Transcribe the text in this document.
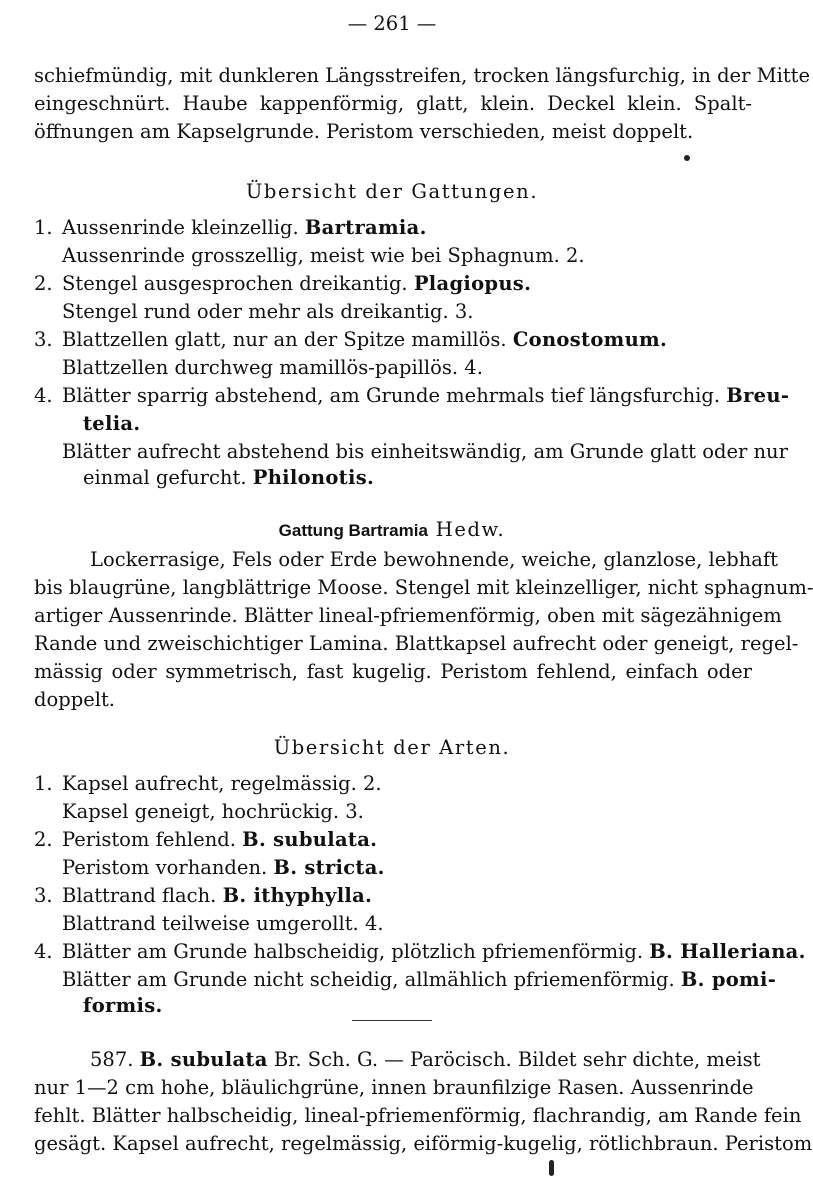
— 261 —
schiefmündig, mit dunkleren Längsstreifen, trocken längsfurchig, in der Mitte
eingeschnürt. Haube kappenförmig, glatt, klein. Deckel klein. Spalt-
öffnungen am Kapselgrunde. Peristom verschieden, meist doppelt.
Übersicht der Gattungen.
1. Aussenrinde kleinzellig. Bartramia.
Aussenrinde grosszellig, meist wie bei Sphagnum. 2.
2. Stengel ausgesprochen dreikantig. Plagiopus.
Stengel rund oder mehr als dreikantig. 3.
3. Blattzellen glatt, nur an der Spitze mamillös. Conostomum.
Blattzellen durchweg mamillös-papillös. 4.
4. Blätter sparrig abstehend, am Grunde mehrmals tief längsfurchig. Breu-
telia.
Blätter aufrecht abstehend bis einheitswändig, am Grunde glatt oder nur
einmal gefurcht. Philonotis.
Gattung Bartramia Hedw.
Lockerrasige, Fels oder Erde bewohnende, weiche, glanzlose, lebhaft
bis blaugrüne, langblättrige Moose. Stengel mit kleinzelliger, nicht sphagnum-
artiger Aussenrinde. Blätter lineal-pfriemenförmig, oben mit sägezähnigem
Rande und zweischichtiger Lamina. Blattkapsel aufrecht oder geneigt, regel-
mässig oder symmetrisch, fast kugelig. Peristom fehlend, einfach oder
doppelt.
Übersicht der Arten.
1. Kapsel aufrecht, regelmässig. 2.
Kapsel geneigt, hochrückig. 3.
2. Peristom fehlend. B. subulata.
Peristom vorhanden. B. stricta.
3. Blattrand flach. B. ithyphylla.
Blattrand teilweise umgerollt. 4.
4. Blätter am Grunde halbscheidig, plötzlich pfriemenförmig. B. Halleriana.
Blätter am Grunde nicht scheidig, allmählich pfriemenförmig. B. pomi-
formis.
587. B. subulata Br. Sch. G. — Paröcisch. Bildet sehr dichte, meist
nur 1—2 cm hohe, bläulichgrüne, innen braunfilzige Rasen. Aussenrinde
fehlt. Blätter halbscheidig, lineal-pfriemenförmig, flachrandig, am Rande fein
gesägt. Kapsel aufrecht, regelmässig, eiförmig-kugelig, rötlichbraun. Peristom
